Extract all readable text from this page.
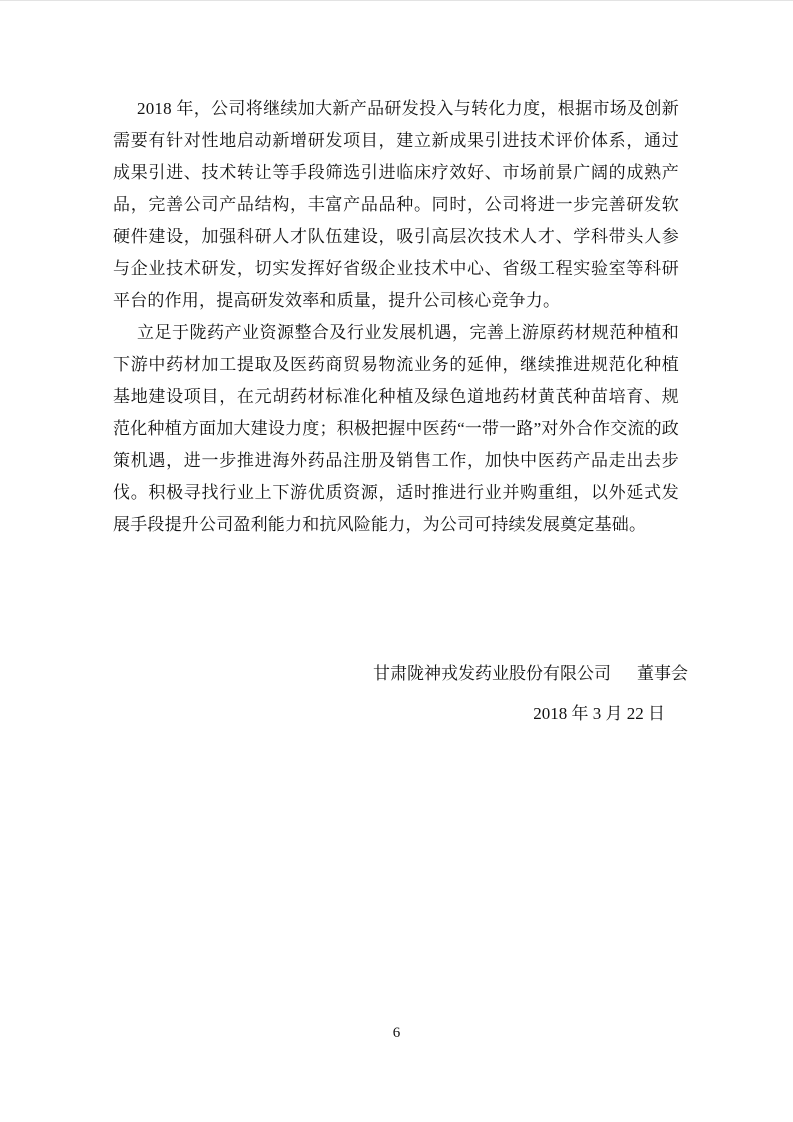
2018 年，公司将继续加大新产品研发投入与转化力度，根据市场及创新需要有针对性地启动新增研发项目，建立新成果引进技术评价体系，通过成果引进、技术转让等手段筛选引进临床疗效好、市场前景广阔的成熟产品，完善公司产品结构，丰富产品品种。同时，公司将进一步完善研发软硬件建设，加强科研人才队伍建设，吸引高层次技术人才、学科带头人参与企业技术研发，切实发挥好省级企业技术中心、省级工程实验室等科研平台的作用，提高研发效率和质量，提升公司核心竞争力。

立足于陇药产业资源整合及行业发展机遇，完善上游原药材规范种植和下游中药材加工提取及医药商贸易物流业务的延伸，继续推进规范化种植基地建设项目，在元胡药材标准化种植及绿色道地药材黄芪种苗培育、规范化种植方面加大建设力度；积极把握中医药“一带一路”对外合作交流的政策机遇，进一步推进海外药品注册及销售工作，加快中医药产品走出去步伐。积极寻找行业上下游优质资源，适时推进行业并购重组，以外延式发展手段提升公司盈利能力和抗风险能力，为公司可持续发展奠定基础。

甘肃陇神戎发药业股份有限公司 董事会
2018 年 3 月 22 日
6
